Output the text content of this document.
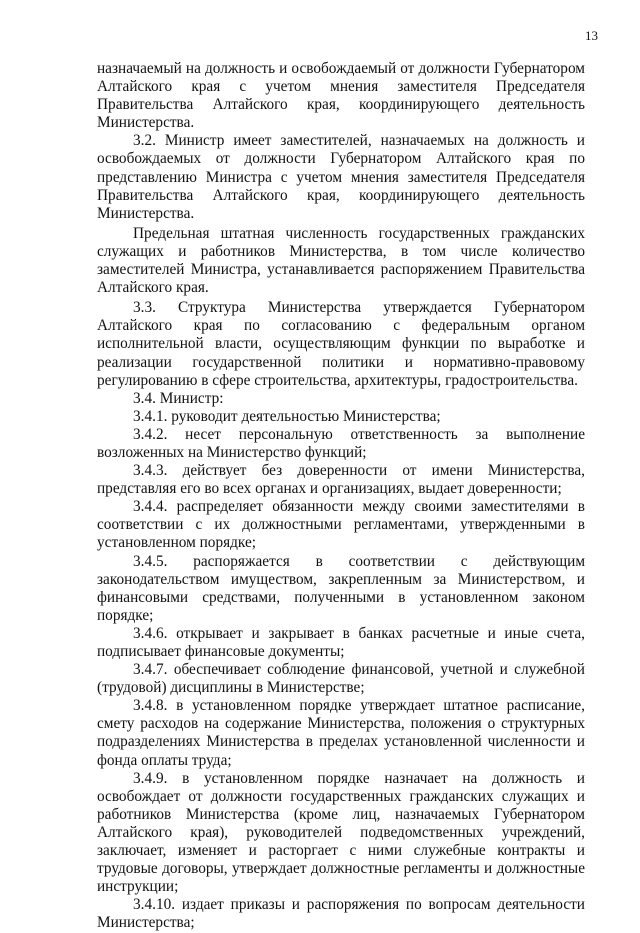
13

назначаемый на должность и освобождаемый от должности Губернатором Алтайского края с учетом мнения заместителя Председателя Правительства Алтайского края, координирующего деятельность Министерства.

3.2. Министр имеет заместителей, назначаемых на должность и освобождаемых от должности Губернатором Алтайского края по представлению Министра с учетом мнения заместителя Председателя Правительства Алтайского края, координирующего деятельность Министерства.

Предельная штатная численность государственных гражданских служащих и работников Министерства, в том числе количество заместителей Министра, устанавливается распоряжением Правительства Алтайского края.

3.3. Структура Министерства утверждается Губернатором Алтайского края по согласованию с федеральным органом исполнительной власти, осуществляющим функции по выработке и реализации государственной политики и нормативно-правовому регулированию в сфере строительства, архитектуры, градостроительства.

3.4. Министр:

3.4.1. руководит деятельностью Министерства;

3.4.2. несет персональную ответственность за выполнение возложенных на Министерство функций;

3.4.3. действует без доверенности от имени Министерства, представляя его во всех органах и организациях, выдает доверенности;

3.4.4. распределяет обязанности между своими заместителями в соответствии с их должностными регламентами, утвержденными в установленном порядке;

3.4.5. распоряжается в соответствии с действующим законодательством имуществом, закрепленным за Министерством, и финансовыми средствами, полученными в установленном законом порядке;

3.4.6. открывает и закрывает в банках расчетные и иные счета, подписывает финансовые документы;

3.4.7. обеспечивает соблюдение финансовой, учетной и служебной (трудовой) дисциплины в Министерстве;

3.4.8. в установленном порядке утверждает штатное расписание, смету расходов на содержание Министерства, положения о структурных подразделениях Министерства в пределах установленной численности и фонда оплаты труда;

3.4.9. в установленном порядке назначает на должность и освобождает от должности государственных гражданских служащих и работников Министерства (кроме лиц, назначаемых Губернатором Алтайского края), руководителей подведомственных учреждений, заключает, изменяет и расторгает с ними служебные контракты и трудовые договоры, утверждает должностные регламенты и должностные инструкции;

3.4.10. издает приказы и распоряжения по вопросам деятельности Министерства;
